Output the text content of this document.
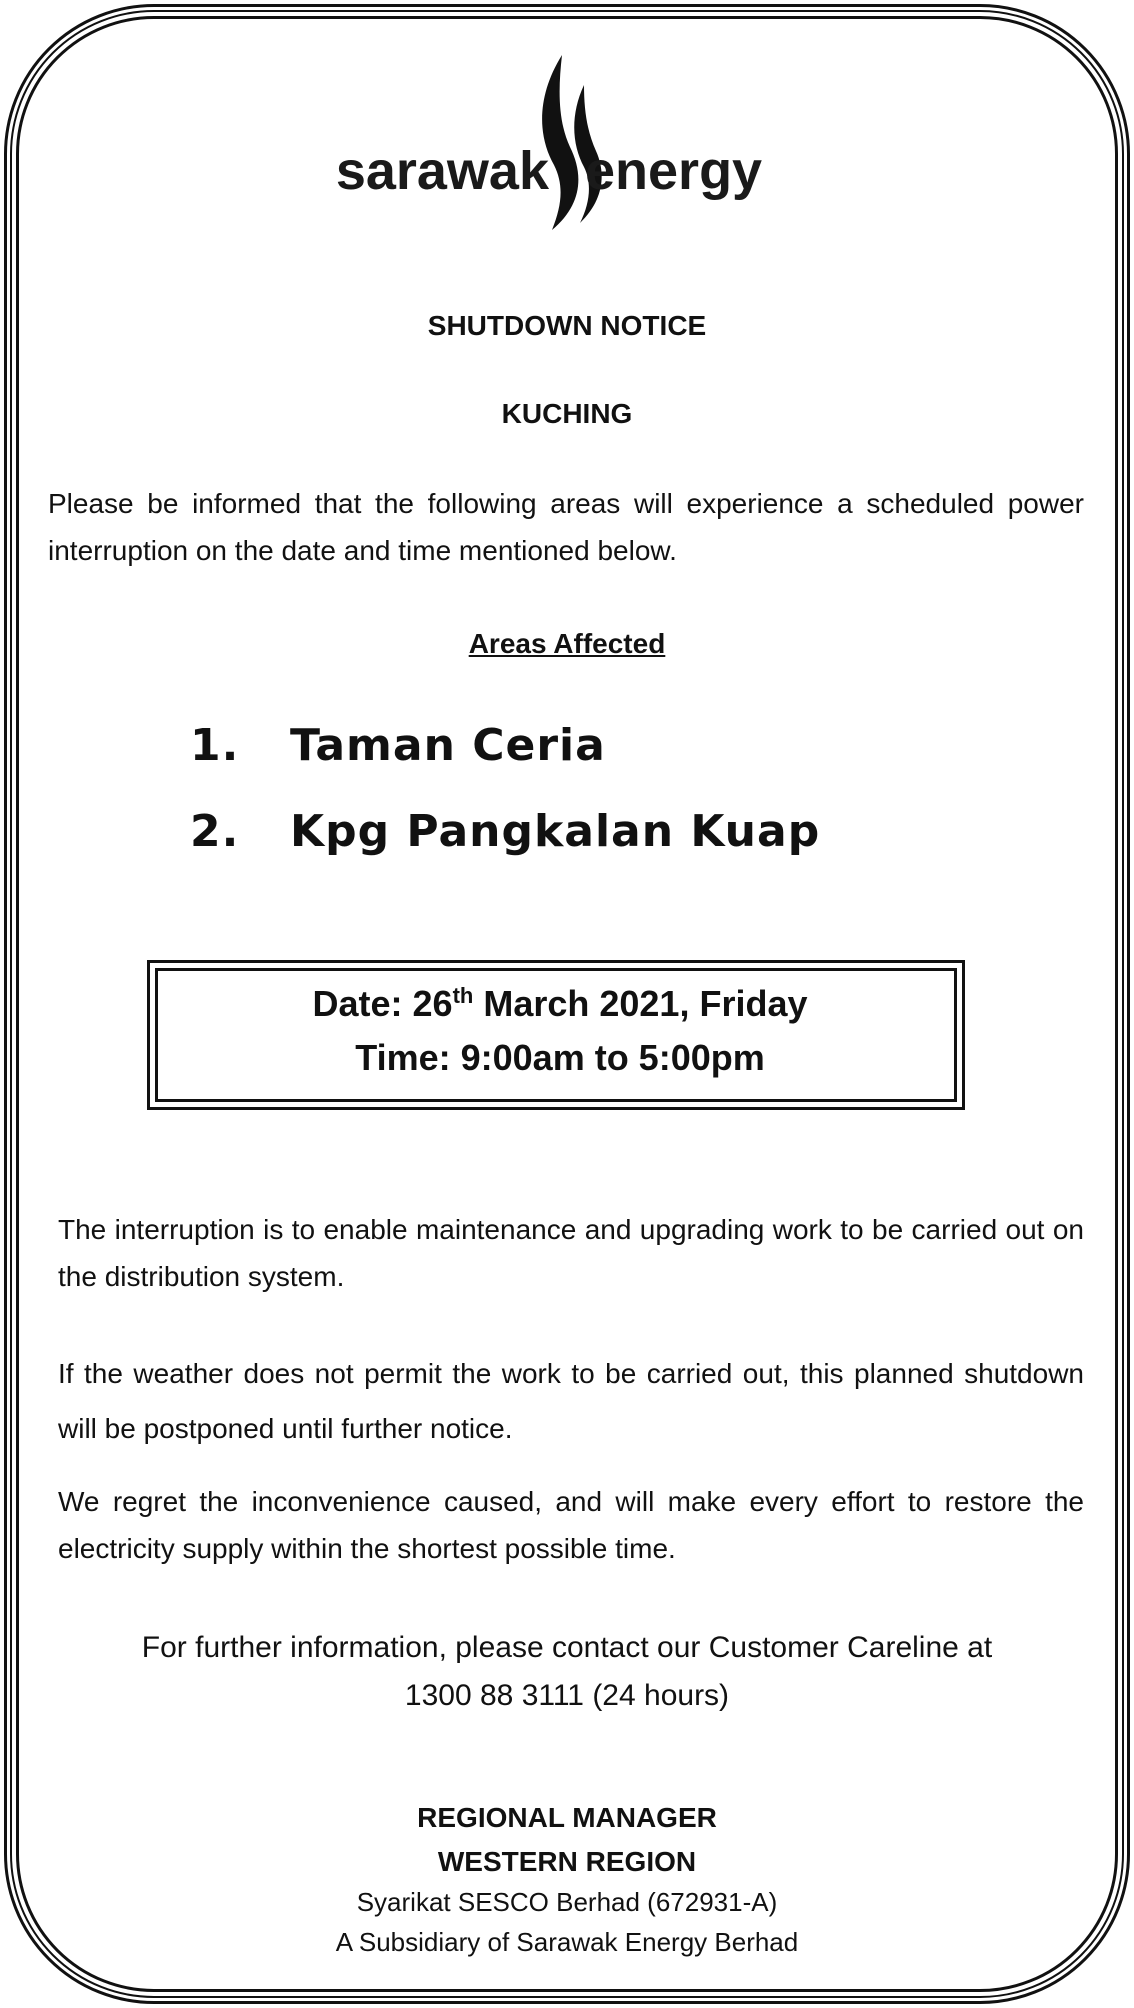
sarawak energy
SHUTDOWN NOTICE
KUCHING
Please be informed that the following areas will experience a scheduled power interruption on the date and time mentioned below.
Areas Affected
1. Taman Ceria
2. Kpg Pangkalan Kuap
Date: 26th March 2021, Friday
Time: 9:00am to 5:00pm
The interruption is to enable maintenance and upgrading work to be carried out on the distribution system.
If the weather does not permit the work to be carried out, this planned shutdown will be postponed until further notice.
We regret the inconvenience caused, and will make every effort to restore the electricity supply within the shortest possible time.
For further information, please contact our Customer Careline at
1300 88 3111 (24 hours)
REGIONAL MANAGER
WESTERN REGION
Syarikat SESCO Berhad (672931-A)
A Subsidiary of Sarawak Energy Berhad
